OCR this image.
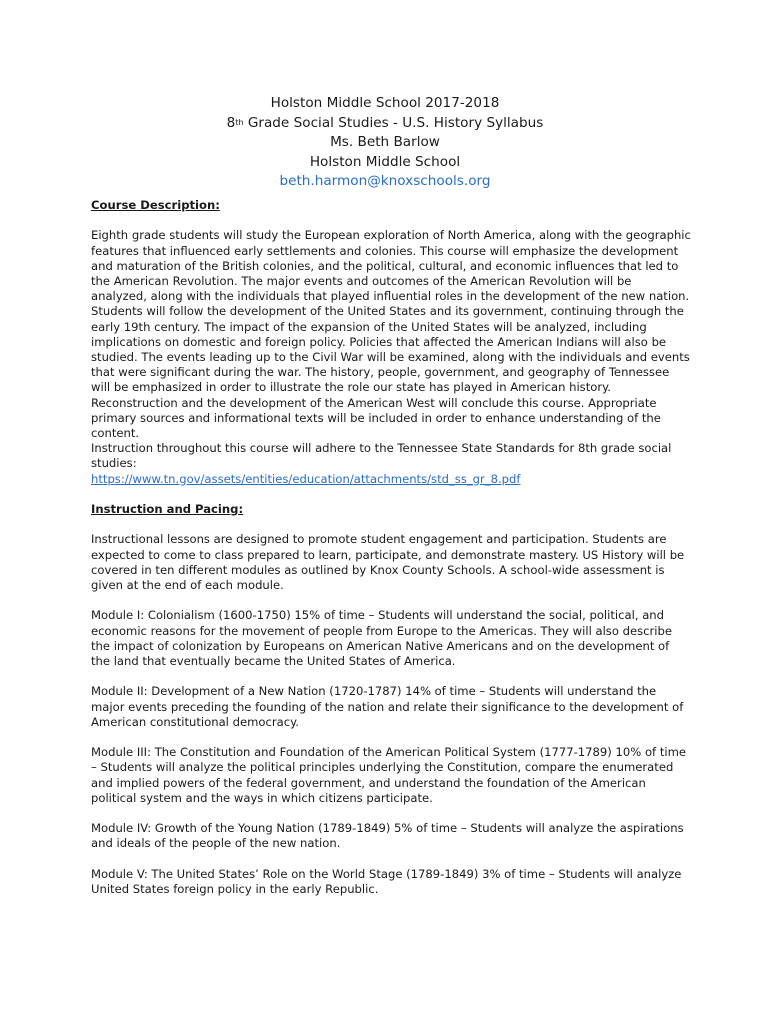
Holston Middle School 2017-2018
8th Grade Social Studies - U.S. History Syllabus
Ms. Beth Barlow
Holston Middle School
beth.harmon@knoxschools.org

Course Description:

Eighth grade students will study the European exploration of North America, along with the geographic features that influenced early settlements and colonies. This course will emphasize the development and maturation of the British colonies, and the political, cultural, and economic influences that led to the American Revolution. The major events and outcomes of the American Revolution will be analyzed, along with the individuals that played influential roles in the development of the new nation. Students will follow the development of the United States and its government, continuing through the early 19th century. The impact of the expansion of the United States will be analyzed, including implications on domestic and foreign policy. Policies that affected the American Indians will also be studied. The events leading up to the Civil War will be examined, along with the individuals and events that were significant during the war. The history, people, government, and geography of Tennessee will be emphasized in order to illustrate the role our state has played in American history. Reconstruction and the development of the American West will conclude this course. Appropriate primary sources and informational texts will be included in order to enhance understanding of the content.

Instruction throughout this course will adhere to the Tennessee State Standards for 8th grade social studies:

https://www.tn.gov/assets/entities/education/attachments/std_ss_gr_8.pdf

Instruction and Pacing:

Instructional lessons are designed to promote student engagement and participation. Students are expected to come to class prepared to learn, participate, and demonstrate mastery. US History will be covered in ten different modules as outlined by Knox County Schools. A school-wide assessment is given at the end of each module.

Module I: Colonialism (1600-1750) 15% of time – Students will understand the social, political, and economic reasons for the movement of people from Europe to the Americas. They will also describe the impact of colonization by Europeans on American Native Americans and on the development of the land that eventually became the United States of America.

Module II: Development of a New Nation (1720-1787) 14% of time – Students will understand the major events preceding the founding of the nation and relate their significance to the development of American constitutional democracy.

Module III: The Constitution and Foundation of the American Political System (1777-1789) 10% of time – Students will analyze the political principles underlying the Constitution, compare the enumerated and implied powers of the federal government, and understand the foundation of the American political system and the ways in which citizens participate.

Module IV: Growth of the Young Nation (1789-1849) 5% of time – Students will analyze the aspirations and ideals of the people of the new nation.

Module V: The United States’ Role on the World Stage (1789-1849) 3% of time – Students will analyze United States foreign policy in the early Republic.
